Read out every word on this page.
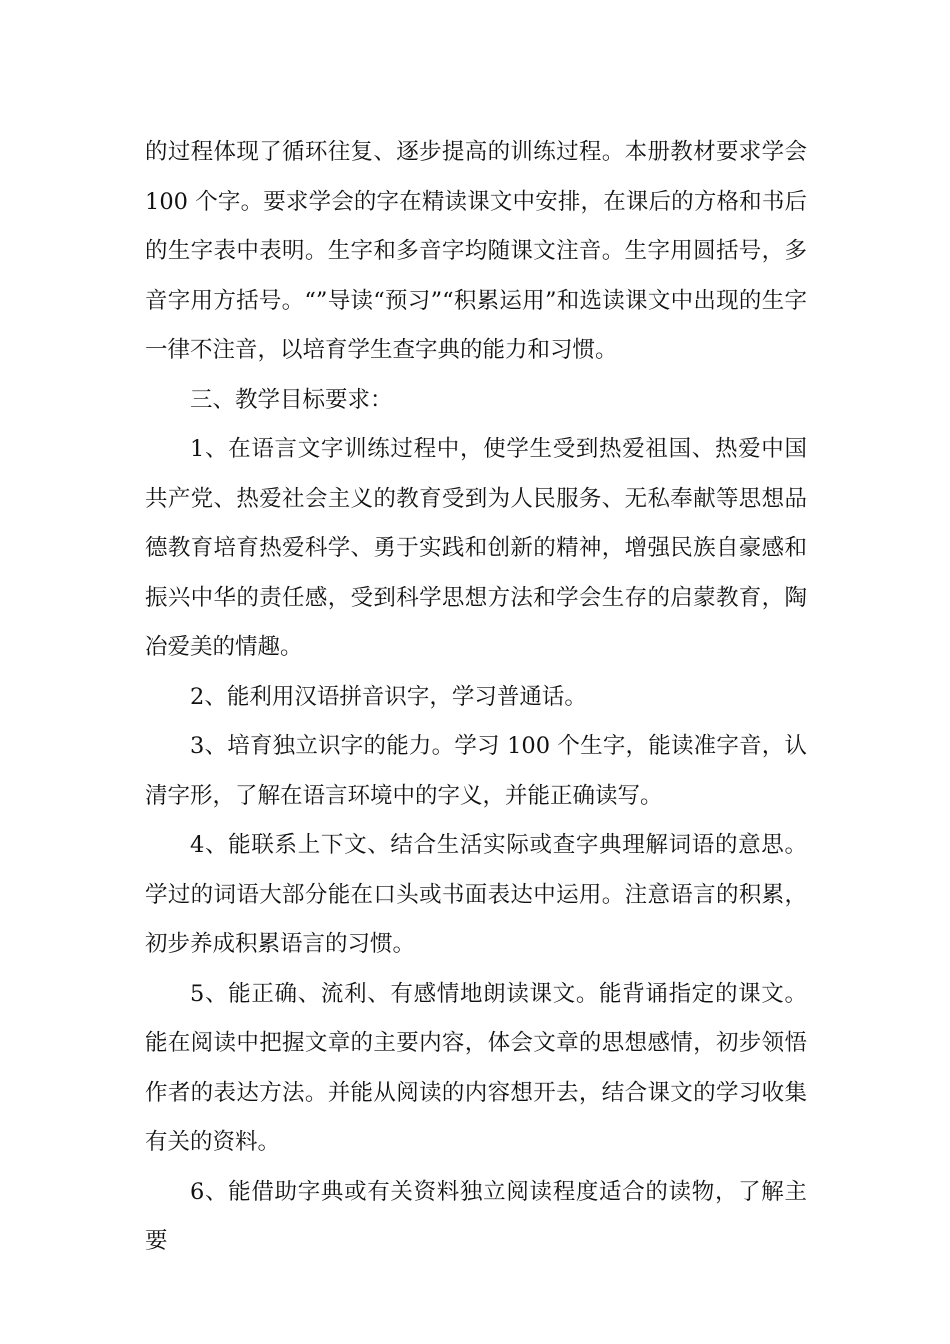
的过程体现了循环往复、逐步提高的训练过程。本册教材要求学会 100 个字。要求学会的字在精读课文中安排，在课后的方格和书后的生字表中表明。生字和多音字均随课文注音。生字用圆括号，多音字用方括号。“”导读“预习”“积累运用”和选读课文中出现的生字一律不注音，以培育学生查字典的能力和习惯。

三、教学目标要求：

1、在语言文字训练过程中，使学生受到热爱祖国、热爱中国共产党、热爱社会主义的教育受到为人民服务、无私奉献等思想品德教育培育热爱科学、勇于实践和创新的精神，增强民族自豪感和振兴中华的责任感，受到科学思想方法和学会生存的启蒙教育，陶冶爱美的情趣。

2、能利用汉语拼音识字，学习普通话。

3、培育独立识字的能力。学习 100 个生字，能读准字音，认清字形，了解在语言环境中的字义，并能正确读写。

4、能联系上下文、结合生活实际或查字典理解词语的意思。学过的词语大部分能在口头或书面表达中运用。注意语言的积累，初步养成积累语言的习惯。

5、能正确、流利、有感情地朗读课文。能背诵指定的课文。能在阅读中把握文章的主要内容，体会文章的思想感情，初步领悟作者的表达方法。并能从阅读的内容想开去，结合课文的学习收集有关的资料。

6、能借助字典或有关资料独立阅读程度适合的读物，了解主要
